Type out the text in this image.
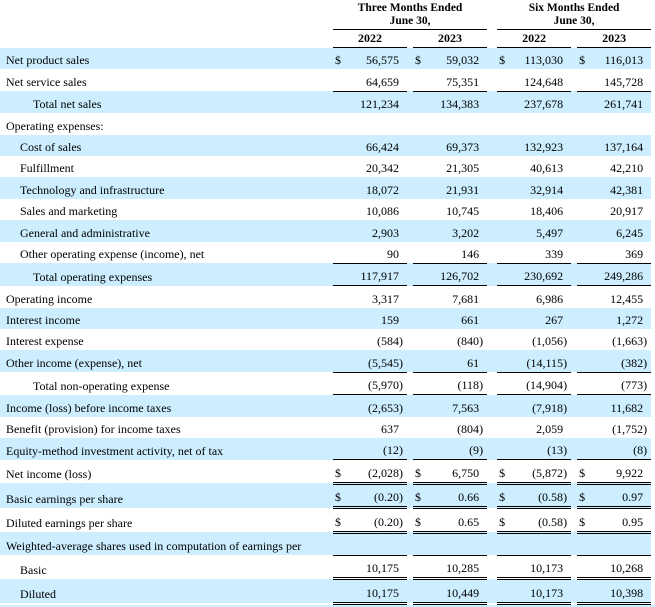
Three Months Ended
June 30,

Six Months Ended
June 30,

	2022			2023			2022			2023	
Net product sales	$	56,575		$	59,032		$	113,030		$	116,013
Net service sales		64,659			75,351			124,648			145,728
Total net sales		121,234			134,383			237,678			261,741
Operating expenses:											
Cost of sales		66,424			69,373			132,923			137,164
Fulfillment		20,342			21,305			40,613			42,210
Technology and infrastructure		18,072			21,931			32,914			42,381
Sales and marketing		10,086			10,745			18,406			20,917
General and administrative		2,903			3,202			5,497			6,245
Other operating expense (income), net		90			146			339			369
Total operating expenses		117,917			126,702			230,692			249,286
Operating income		3,317			7,681			6,986			12,455
Interest income		159			661			267			1,272
Interest expense		(584)			(840)			(1,056)			(1,663)
Other income (expense), net		(5,545)			61			(14,115)			(382)
Total non-operating expense		(5,970)			(118)			(14,904)			(773)
Income (loss) before income taxes		(2,653)			7,563			(7,918)			11,682
Benefit (provision) for income taxes		637			(804)			2,059			(1,752)
Equity-method investment activity, net of tax		(12)			(9)			(13)			(8)
Net income (loss)	$	(2,028)		$	6,750		$	(5,872)		$	9,922
Basic earnings per share	$	(0.20)		$	0.66		$	(0.58)		$	0.97
Diluted earnings per share	$	(0.20)		$	0.65		$	(0.58)		$	0.95
Weighted-average shares used in computation of earnings per											
Basic		10,175			10,285			10,173			10,268
Diluted		10,175			10,449			10,173			10,398
